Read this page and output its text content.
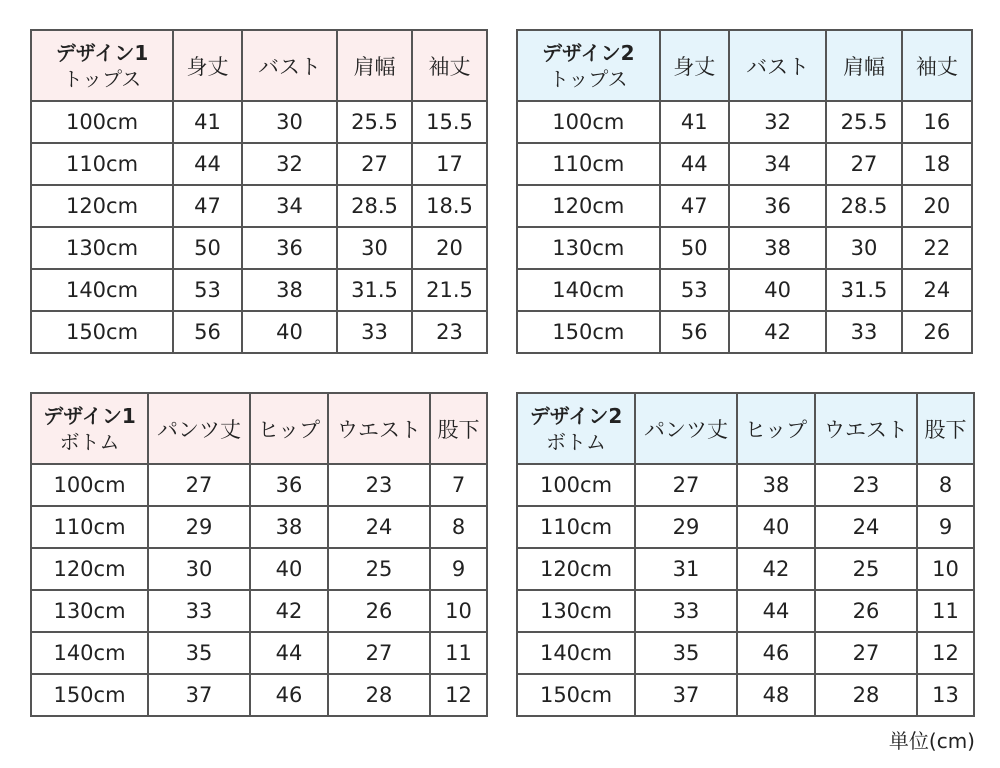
デザイン1
トップス	身丈	バスト	肩幅	袖丈
100cm	41	30	25.5	15.5
110cm	44	32	27	17
120cm	47	34	28.5	18.5
130cm	50	36	30	20
140cm	53	38	31.5	21.5
150cm	56	40	33	23
デザイン2
トップス	身丈	バスト	肩幅	袖丈
100cm	41	32	25.5	16
110cm	44	34	27	18
120cm	47	36	28.5	20
130cm	50	38	30	22
140cm	53	40	31.5	24
150cm	56	42	33	26
デザイン1
ボトム	パンツ丈	ヒップ	ウエスト	股下
100cm	27	36	23	7
110cm	29	38	24	8
120cm	30	40	25	9
130cm	33	42	26	10
140cm	35	44	27	11
150cm	37	46	28	12
デザイン2
ボトム	パンツ丈	ヒップ	ウエスト	股下
100cm	27	38	23	8
110cm	29	40	24	9
120cm	31	42	25	10
130cm	33	44	26	11
140cm	35	46	27	12
150cm	37	48	28	13
単位(cm)
